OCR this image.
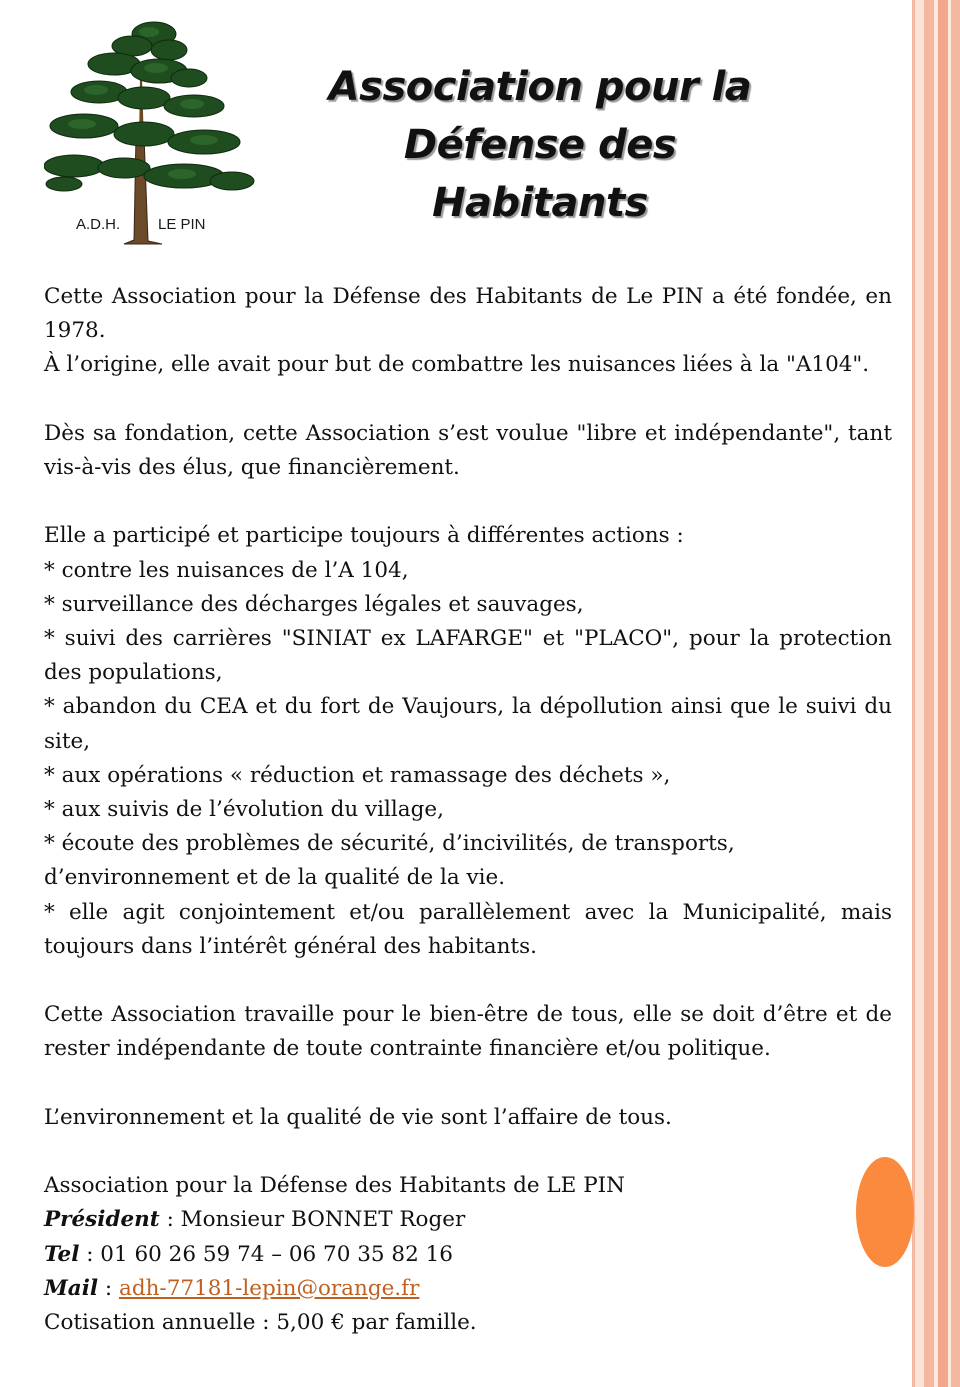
A.D.H.	LE PIN
Association pour la
Défense des Habitants

Cette Association pour la Défense des Habitants de Le PIN a été fondée, en 1978.

À l’origine, elle avait pour but de combattre les nuisances liées à la "A104".

Dès sa fondation, cette Association s’est voulue "libre et indépendante", tant vis-à-vis des élus, que financièrement.

Elle a participé et participe toujours à différentes actions :

* contre les nuisances de l’A 104,

* surveillance des décharges légales et sauvages,

* suivi des carrières "SINIAT ex LAFARGE" et "PLACO", pour la protection des populations,

* abandon du CEA et du fort de Vaujours, la dépollution ainsi que le suivi du site,

* aux opérations « réduction et ramassage des déchets »,

* aux suivis de l’évolution du village,

* écoute des problèmes de sécurité, d’incivilités, de transports,

d’environnement et de la qualité de la vie.

* elle agit conjointement et/ou parallèlement avec la Municipalité, mais toujours dans l’intérêt général des habitants.

Cette Association travaille pour le bien-être de tous, elle se doit d’être et de rester indépendante de toute contrainte financière et/ou politique.

L’environnement et la qualité de vie sont l’affaire de tous.

Association pour la Défense des Habitants de LE PIN

Président : Monsieur BONNET Roger

Tel : 01 60 26 59 74 – 06 70 35 82 16

Mail : adh-77181-lepin@orange.fr

Cotisation annuelle : 5,00 € par famille.
